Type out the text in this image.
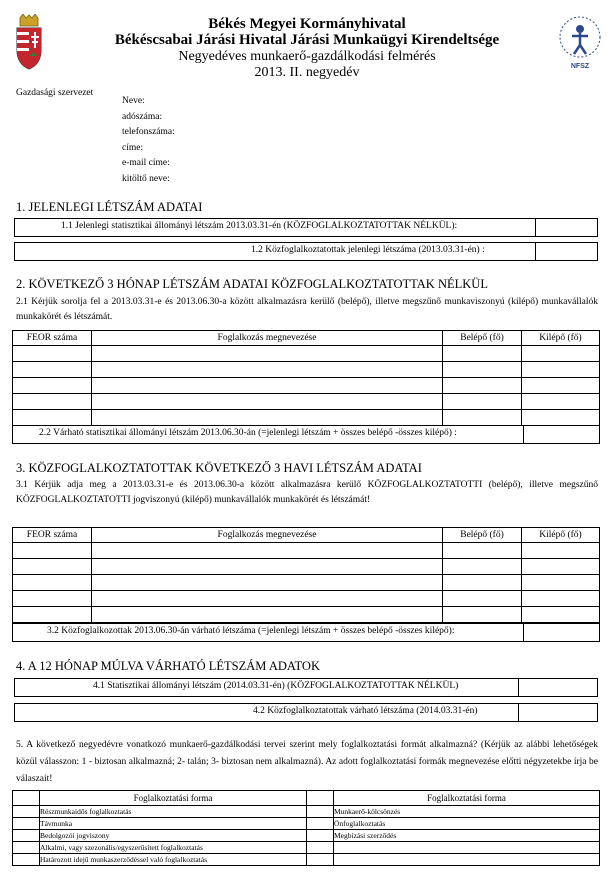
NFSZ
Békés Megyei Kormányhivatal
Békéscsabai Járási Hivatal Járási Munkaügyi Kirendeltsége
Negyedéves munkaerő-gazdálkodási felmérés
2013. II. negyedév
Gazdasági szervezet
Neve:
adószáma:
telefonszáma:
címe:
e-mail címe:
kitöltő neve:
1. JELENLEGI LÉTSZÁM ADATAI
1.1 Jelenlegi statisztikai állományi létszám 2013.03.31-én (KÖZFOGLALKOZTATOTTAK NÉLKÜL):
1.2 Közfoglalkoztatottak jelenlegi létszáma (2013.03.31-én) :
2. KÖVETKEZŐ 3 HÓNAP LÉTSZÁM ADATAI KÖZFOGLALKOZTATOTTAK NÉLKÜL
2.1 Kérjük sorolja fel a 2013.03.31-e és 2013.06.30-a között alkalmazásra kerülő (belépő), illetve megszűnő munkaviszonyú (kilépő) munkavállalók munkakörét és létszámát.
FEOR száma	Foglalkozás megnevezése	Belépő (fő)	Kilépő (fő)

2.2 Várható statisztikai állományi létszám 2013.06.30-án (=jelenlegi létszám + összes belépő -összes kilépő) :
3. KÖZFOGLALKOZTATOTTAK KÖVETKEZŐ 3 HAVI LÉTSZÁM ADATAI
3.1 Kérjük adja meg a 2013.03.31-e és 2013.06.30-a között alkalmazásra kerülő KÖZFOGLALKOZTATOTTI (belépő), illetve megszűnő KÖZFOGLALKOZTATOTTI jogviszonyú (kilépő) munkavállalók munkakörét és létszámát!
FEOR száma	Foglalkozás megnevezése	Belépő (fő)	Kilépő (fő)

3.2 Közfoglalkozottak 2013.06.30-án várható létszáma (=jelenlegi létszám + összes belépő -összes kilépő):
4. A 12 HÓNAP MÚLVA VÁRHATÓ LÉTSZÁM ADATOK
4.1 Statisztikai állományi létszám (2014.03.31-én) (KÖZFOGLALKOZTATOTTAK NÉLKÜL)
4.2 Közfoglalkoztatottak várható létszáma (2014.03.31-én)
5. A következő negyedévre vonatkozó munkaerő-gazdálkodási tervei szerint mely foglalkoztatási formát alkalmazná? (Kérjük az alábbi lehetőségek közül válasszon: 1 - biztosan alkalmazná; 2- talán; 3- biztosan nem alkalmazná). Az adott foglalkoztatási formák megnevezése előtti négyzetekbe írja be válaszait!
	Foglalkoztatási forma		Foglalkoztatási forma
	Részmunkaidős foglalkoztatás		Munkaerő-kölcsönzés
	Távmunka		Önfoglalkoztatás
	Bedolgozói jogviszony		Megbízási szerződés
	Alkalmi, vagy szezonális/egyszerűsített foglalkoztatás		
	Határozott idejű munkaszerződéssel való foglalkoztatás		
